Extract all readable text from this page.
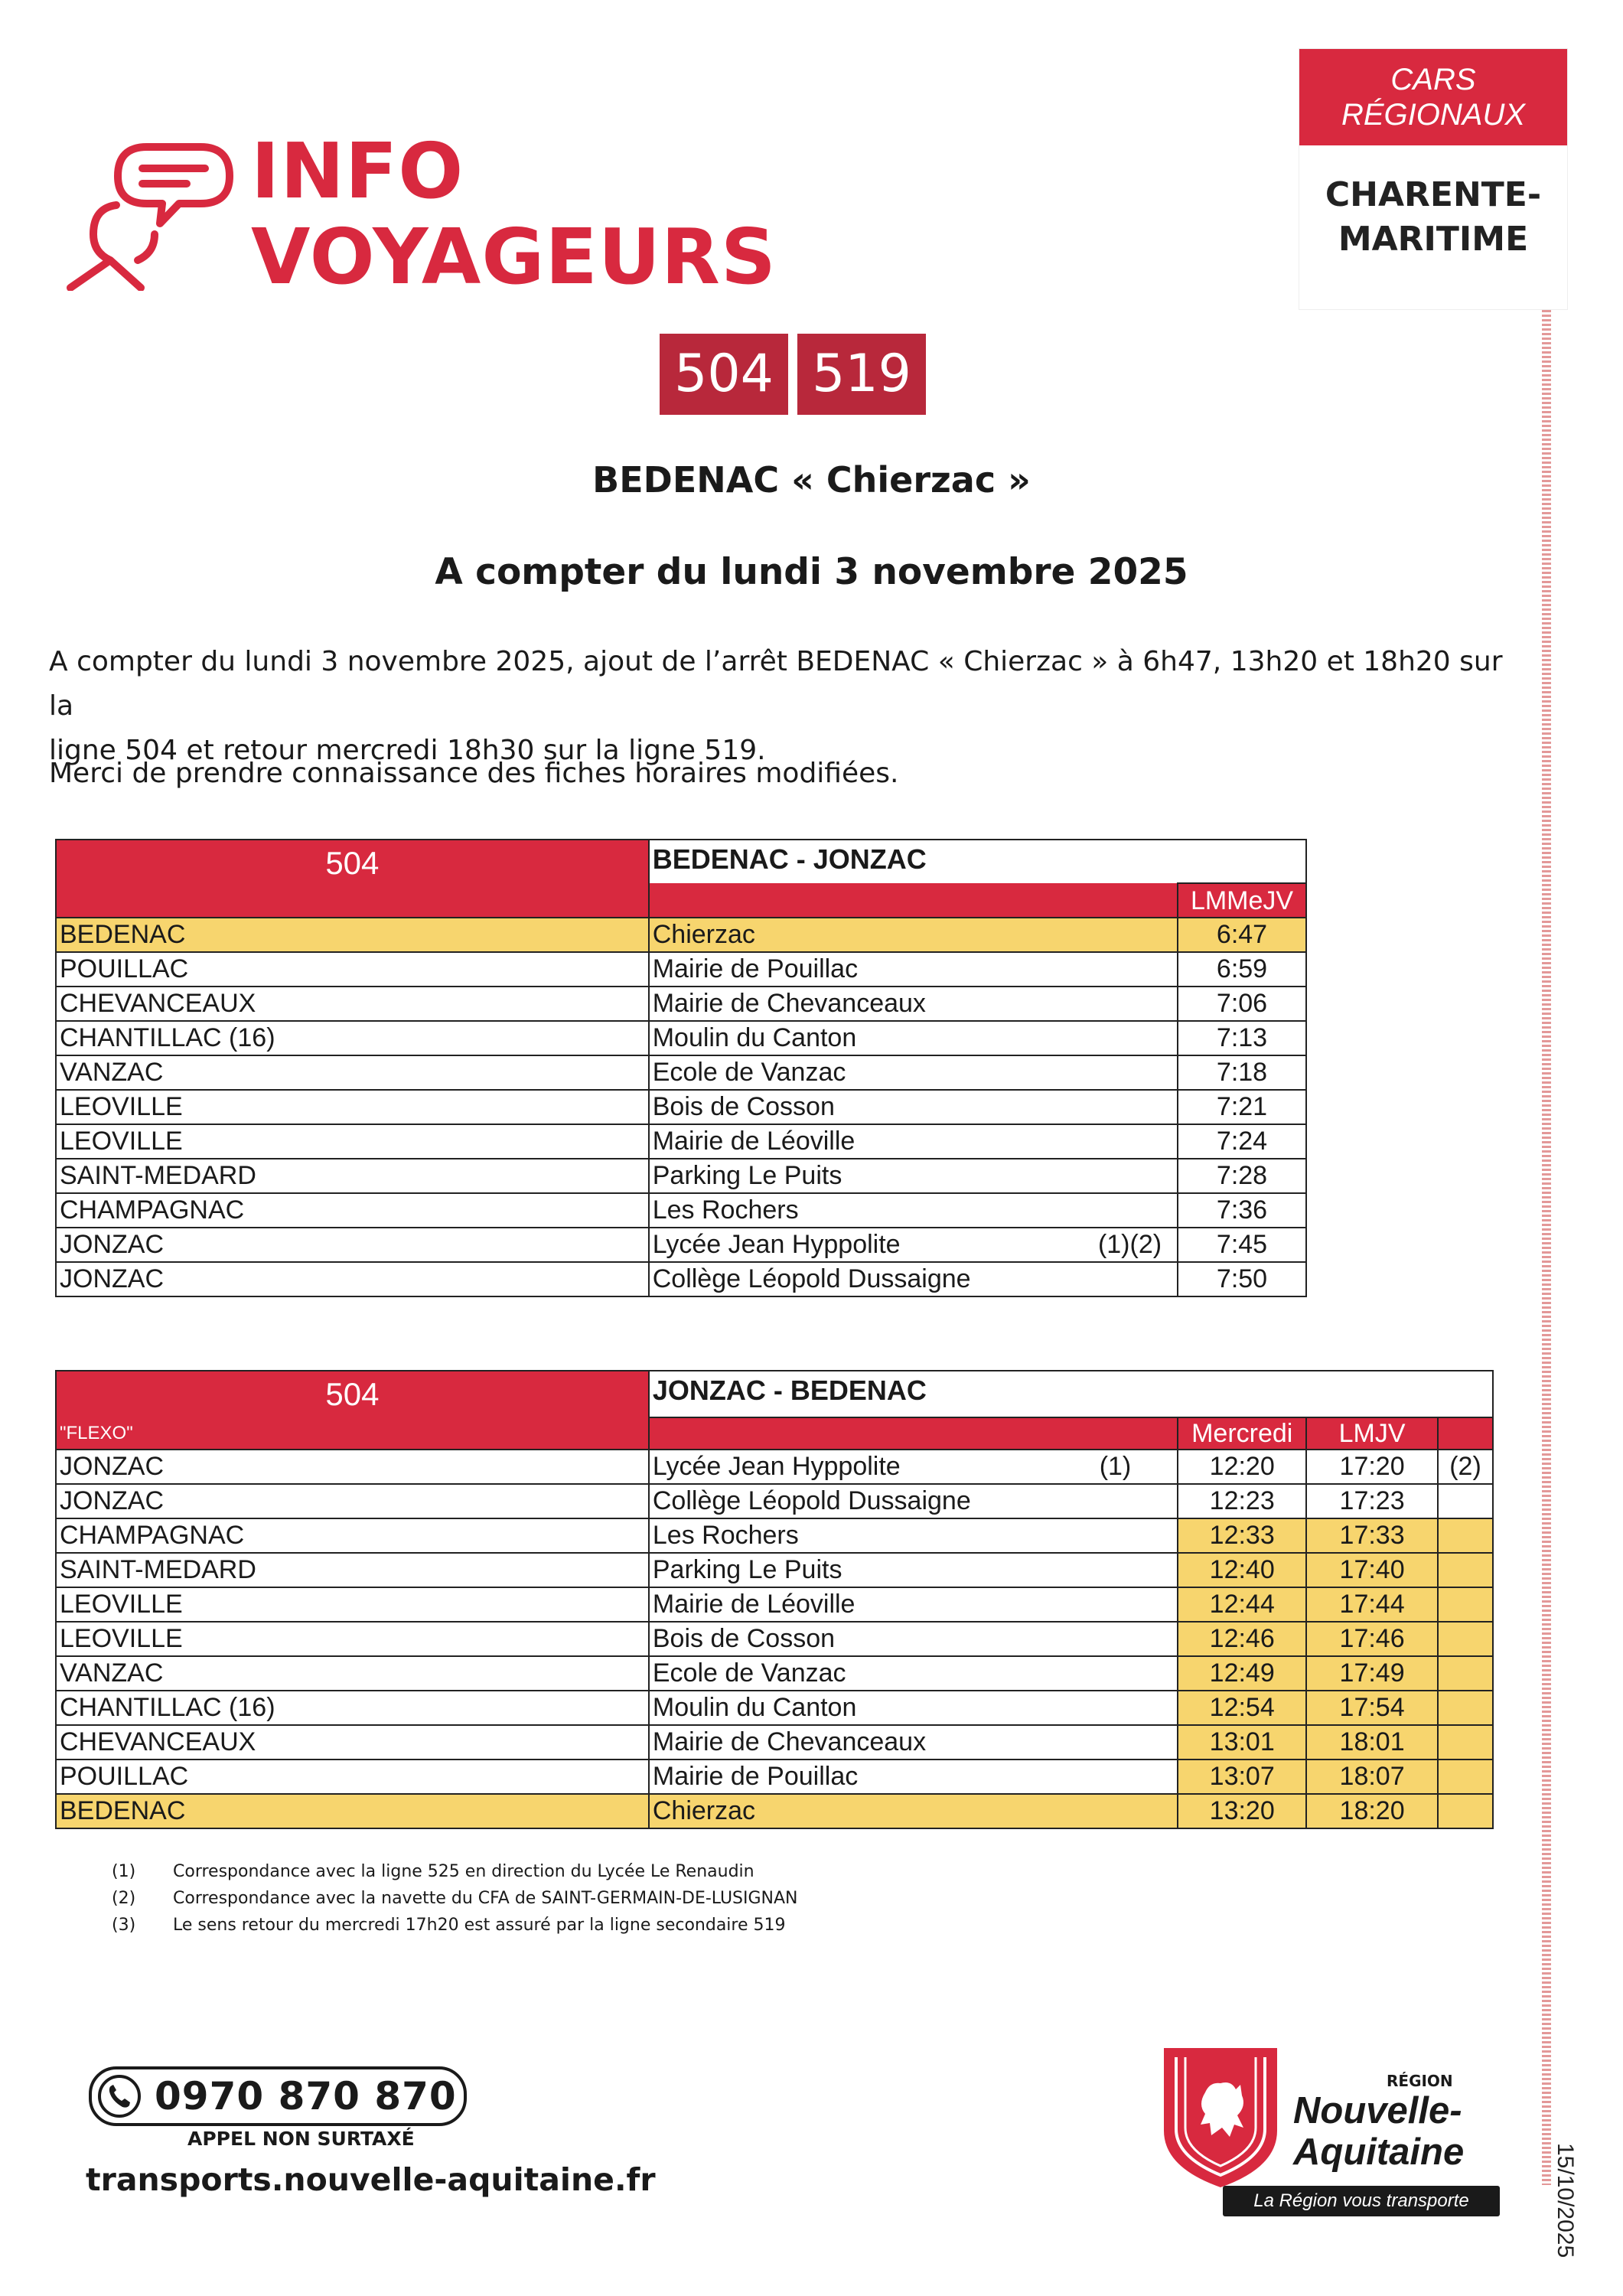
INFO
VOYAGEURS
CARS
RÉGIONAUX
CHARENTE-
MARITIME
504 519
BEDENAC « Chierzac »
A compter du lundi 3 novembre 2025
A compter du lundi 3 novembre 2025, ajout de l’arrêt BEDENAC « Chierzac » à 6h47, 13h20 et 18h20 sur la
ligne 504 et retour mercredi 18h30 sur la ligne 519.
Merci de prendre connaissance des fiches horaires modifiées.
504	BEDENAC - JONZAC	
		LMMeJV
BEDENAC	Chierzac	6:47
POUILLAC	Mairie de Pouillac	6:59
CHEVANCEAUX	Mairie de Chevanceaux	7:06
CHANTILLAC (16)	Moulin du Canton	7:13
VANZAC	Ecole de Vanzac	7:18
LEOVILLE	Bois de Cosson	7:21
LEOVILLE	Mairie de Léoville	7:24
SAINT-MEDARD	Parking Le Puits	7:28
CHAMPAGNAC	Les Rochers	7:36
JONZAC	Lycée Jean Hyppolite (1)(2)	7:45
JONZAC	Collège Léopold Dussaigne	7:50
504	JONZAC - BEDENAC			
"FLEXO"		Mercredi	LMJV	
JONZAC	Lycée Jean Hyppolite (1)	12:20	17:20	(2)
JONZAC	Collège Léopold Dussaigne	12:23	17:23	
CHAMPAGNAC	Les Rochers	12:33	17:33	
SAINT-MEDARD	Parking Le Puits	12:40	17:40	
LEOVILLE	Mairie de Léoville	12:44	17:44	
LEOVILLE	Bois de Cosson	12:46	17:46	
VANZAC	Ecole de Vanzac	12:49	17:49	
CHANTILLAC (16)	Moulin du Canton	12:54	17:54	
CHEVANCEAUX	Mairie de Chevanceaux	13:01	18:01	
POUILLAC	Mairie de Pouillac	13:07	18:07	
BEDENAC	Chierzac	13:20	18:20	
(1) Correspondance avec la ligne 525 en direction du Lycée Le Renaudin
(2) Correspondance avec la navette du CFA de SAINT-GERMAIN-DE-LUSIGNAN
(3) Le sens retour du mercredi 17h20 est assuré par la ligne secondaire 519
0970 870 870
APPEL NON SURTAXÉ
transports.nouvelle-aquitaine.fr
RÉGION
Nouvelle-
Aquitaine
La Région vous transporte	15/10/2025
